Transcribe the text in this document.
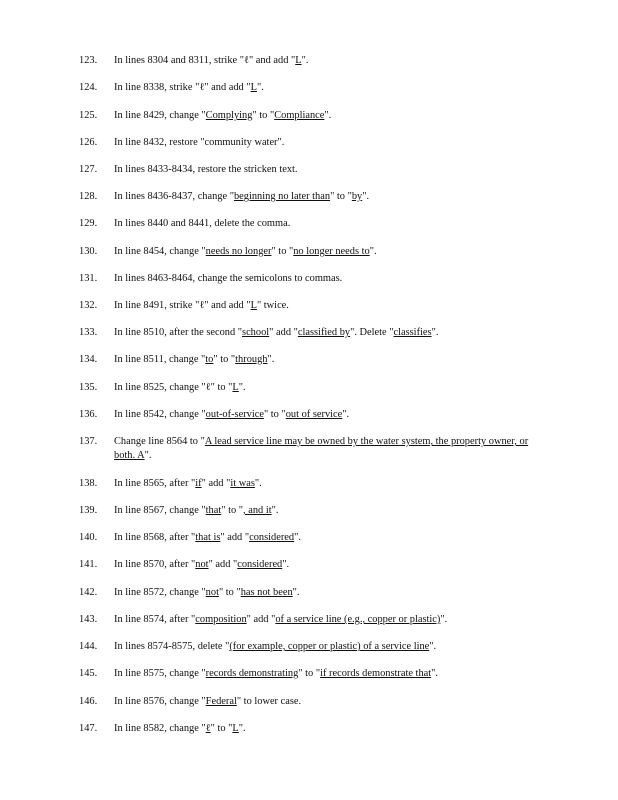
123.	In lines 8304 and 8311, strike "ℓ" and add "L".
124.	In line 8338, strike "ℓ" and add "L".
125.	In line 8429, change "Complying" to "Compliance".
126.	In line 8432, restore "community water".
127.	In lines 8433-8434, restore the stricken text.
128.	In lines 8436-8437, change "beginning no later than" to "by".
129.	In lines 8440 and 8441, delete the comma.
130.	In line 8454, change "needs no longer" to "no longer needs to".
131.	In lines 8463-8464, change the semicolons to commas.
132.	In line 8491, strike "ℓ" and add "L" twice.
133.	In line 8510, after the second "school" add "classified by". Delete "classifies".
134.	In line 8511, change "to" to "through".
135.	In line 8525, change "ℓ" to "L".
136.	In line 8542, change "out-of-service" to "out of service".
137.	Change line 8564 to "A lead service line may be owned by the water system, the property owner, or both. A".
138.	In line 8565, after "if" add "it was".
139.	In line 8567, change "that" to ", and it".
140.	In line 8568, after "that is" add "considered".
141.	In line 8570, after "not" add "considered".
142.	In line 8572, change "not" to "has not been".
143.	In line 8574, after "composition" add "of a service line (e.g., copper or plastic)".
144.	In lines 8574-8575, delete "(for example, copper or plastic) of a service line".
145.	In line 8575, change "records demonstrating" to "if records demonstrate that".
146.	In line 8576, change "Federal" to lower case.
147.	In line 8582, change "ℓ" to "L".
